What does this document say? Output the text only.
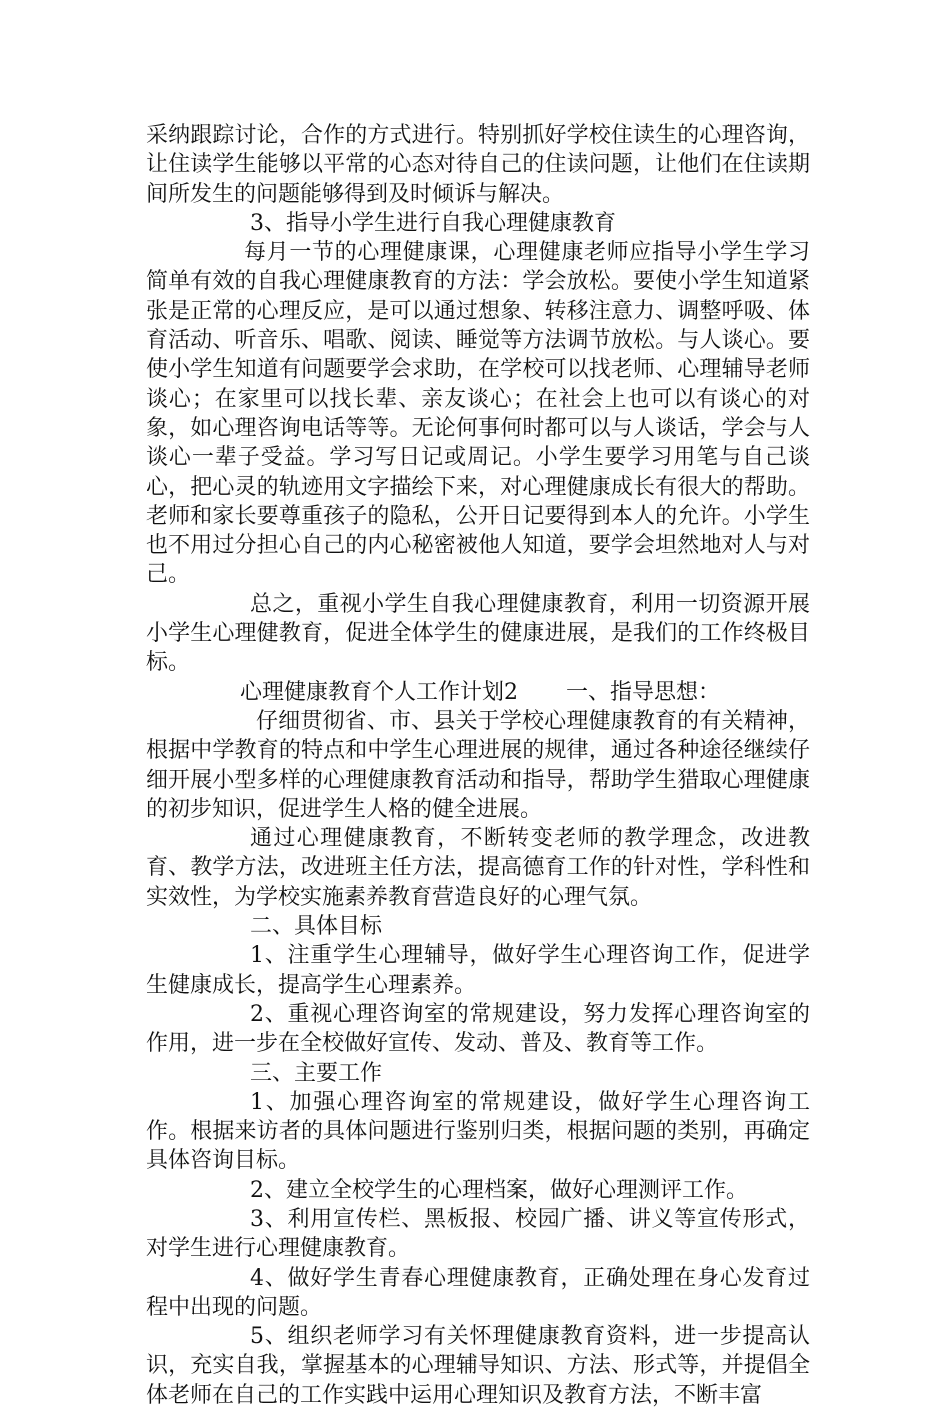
采纳跟踪讨论，合作的方式进行。特别抓好学校住读生的心理咨询，让住读学生能够以平常的心态对待自己的住读问题，让他们在住读期间所发生的问题能够得到及时倾诉与解决。

3、指导小学生进行自我心理健康教育

每月一节的心理健康课，心理健康老师应指导小学生学习简单有效的自我心理健康教育的方法：学会放松。要使小学生知道紧张是正常的心理反应，是可以通过想象、转移注意力、调整呼吸、体育活动、听音乐、唱歌、阅读、睡觉等方法调节放松。与人谈心。要使小学生知道有问题要学会求助，在学校可以找老师、心理辅导老师谈心；在家里可以找长辈、亲友谈心；在社会上也可以有谈心的对象，如心理咨询电话等等。无论何事何时都可以与人谈话，学会与人谈心一辈子受益。学习写日记或周记。小学生要学习用笔与自己谈心，把心灵的轨迹用文字描绘下来，对心理健康成长有很大的帮助。老师和家长要尊重孩子的隐私，公开日记要得到本人的允许。小学生也不用过分担心自己的内心秘密被他人知道，要学会坦然地对人与对己。

总之，重视小学生自我心理健康教育，利用一切资源开展小学生心理健教育，促进全体学生的健康进展，是我们的工作终极目标。

心理健康教育个人工作计划2 一、指导思想：

仔细贯彻省、市、县关于学校心理健康教育的有关精神，根据中学教育的特点和中学生心理进展的规律，通过各种途径继续仔细开展小型多样的心理健康教育活动和指导，帮助学生猎取心理健康的初步知识，促进学生人格的健全进展。

通过心理健康教育，不断转变老师的教学理念，改进教育、教学方法，改进班主任方法，提高德育工作的针对性，学科性和实效性，为学校实施素养教育营造良好的心理气氛。

二、具体目标

1、注重学生心理辅导，做好学生心理咨询工作，促进学生健康成长，提高学生心理素养。

2、重视心理咨询室的常规建设，努力发挥心理咨询室的作用，进一步在全校做好宣传、发动、普及、教育等工作。

三、主要工作

1、加强心理咨询室的常规建设，做好学生心理咨询工作。根据来访者的具体问题进行鉴别归类，根据问题的类别，再确定具体咨询目标。

2、建立全校学生的心理档案，做好心理测评工作。

3、利用宣传栏、黑板报、校园广播、讲义等宣传形式，对学生进行心理健康教育。

4、做好学生青春心理健康教育，正确处理在身心发育过程中出现的问题。

5、组织老师学习有关怀理健康教育资料，进一步提高认识，充实自我，掌握基本的心理辅导知识、方法、形式等，并提倡全体老师在自己的工作实践中运用心理知识及教育方法，不断丰富
